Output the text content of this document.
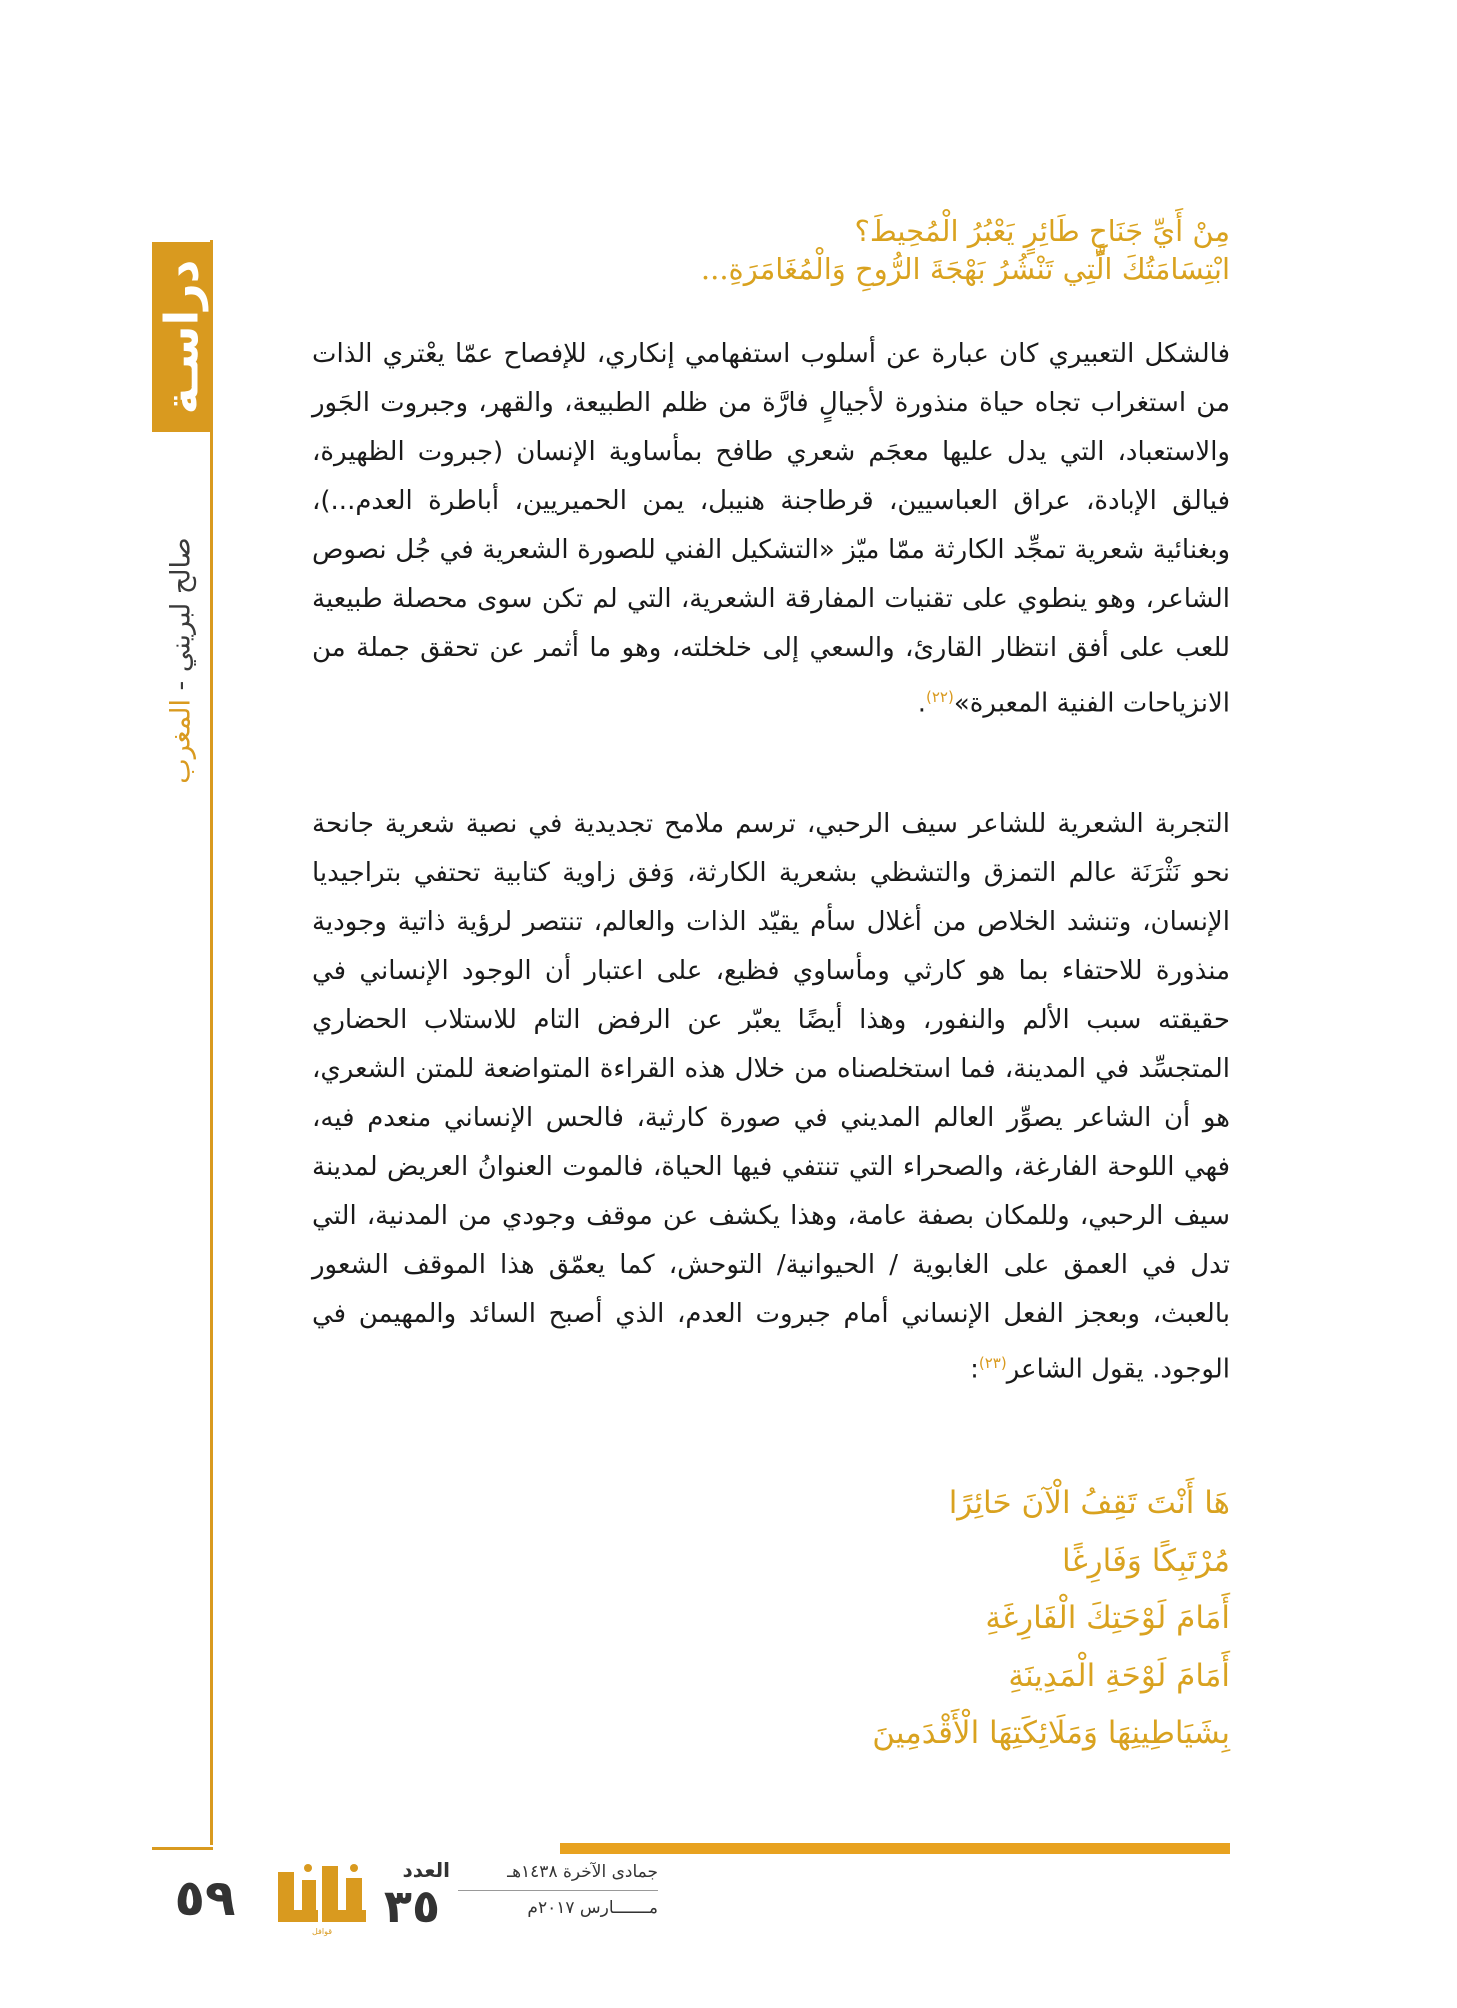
دراسـة
صالح لبريني - المغرب

مِنْ أَيِّ جَنَاحٍ طَائِرٍ يَعْبُرُ الْمُحِيطَ؟

ابْتِسَامَتُكَ الَّتِي تَنْشُرُ بَهْجَةَ الرُّوحِ وَالْمُغَامَرَةِ...

فالشكل التعبيري كان عبارة عن أسلوب استفهامي إنكاري، للإفصاح عمّا يعْتري الذات من استغراب تجاه حياة منذورة لأجيالٍ فارَّة من ظلم الطبيعة، والقهر، وجبروت الجَور والاستعباد، التي يدل عليها معجَم شعري طافح بمأساوية الإنسان (جبروت الظهيرة، فيالق الإبادة، عراق العباسيين، قرطاجنة هنيبل، يمن الحميريين، أباطرة العدم...)، وبغنائية شعرية تمجِّد الكارثة ممّا ميّز «التشكيل الفني للصورة الشعرية في جُل نصوص الشاعر، وهو ينطوي على تقنيات المفارقة الشعرية، التي لم تكن سوى محصلة طبيعية للعب على أفق انتظار القارئ، والسعي إلى خلخلته، وهو ما أثمر عن تحقق جملة من الانزياحات الفنية المعبرة»$^{(٢٢)}$.

التجربة الشعرية للشاعر سيف الرحبي، ترسم ملامح تجديدية في نصية شعرية جانحة نحو نَثْرَنَة عالم التمزق والتشظي بشعرية الكارثة، وَفق زاوية كتابية تحتفي بتراجيديا الإنسان، وتنشد الخلاص من أغلال سأم يقيّد الذات والعالم، تنتصر لرؤية ذاتية وجودية منذورة للاحتفاء بما هو كارثي ومأساوي فظيع، على اعتبار أن الوجود الإنساني في حقيقته سبب الألم والنفور، وهذا أيضًا يعبّر عن الرفض التام للاستلاب الحضاري المتجسِّد في المدينة، فما استخلصناه من خلال هذه القراءة المتواضعة للمتن الشعري، هو أن الشاعر يصوِّر العالم المديني في صورة كارثية، فالحس الإنساني منعدم فيه، فهي اللوحة الفارغة، والصحراء التي تنتفي فيها الحياة، فالموت العنوانُ العريض لمدينة سيف الرحبي، وللمكان بصفة عامة، وهذا يكشف عن موقف وجودي من المدنية، التي تدل في العمق على الغابوية / الحيوانية/ التوحش، كما يعمّق هذا الموقف الشعور بالعبث، وبعجز الفعل الإنساني أمام جبروت العدم، الذي أصبح السائد والمهيمن في الوجود. يقول الشاعر$^{(٢٣)}$:

هَا أَنْتَ تَقِفُ الْآنَ حَائِرًا

مُرْتَبِكًا وَفَارِغًا

أَمَامَ لَوْحَتِكَ الْفَارِغَةِ

أَمَامَ لَوْحَةِ الْمَدِينَةِ

بِشَيَاطِينِهَا وَمَلَائِكَتِهَا الْأَقْدَمِينَ

٥٩
قوافل
العدد
٣٥
جمادى الآخرة ١٤٣٨هـ
مـــــــارس ٢٠١٧م
